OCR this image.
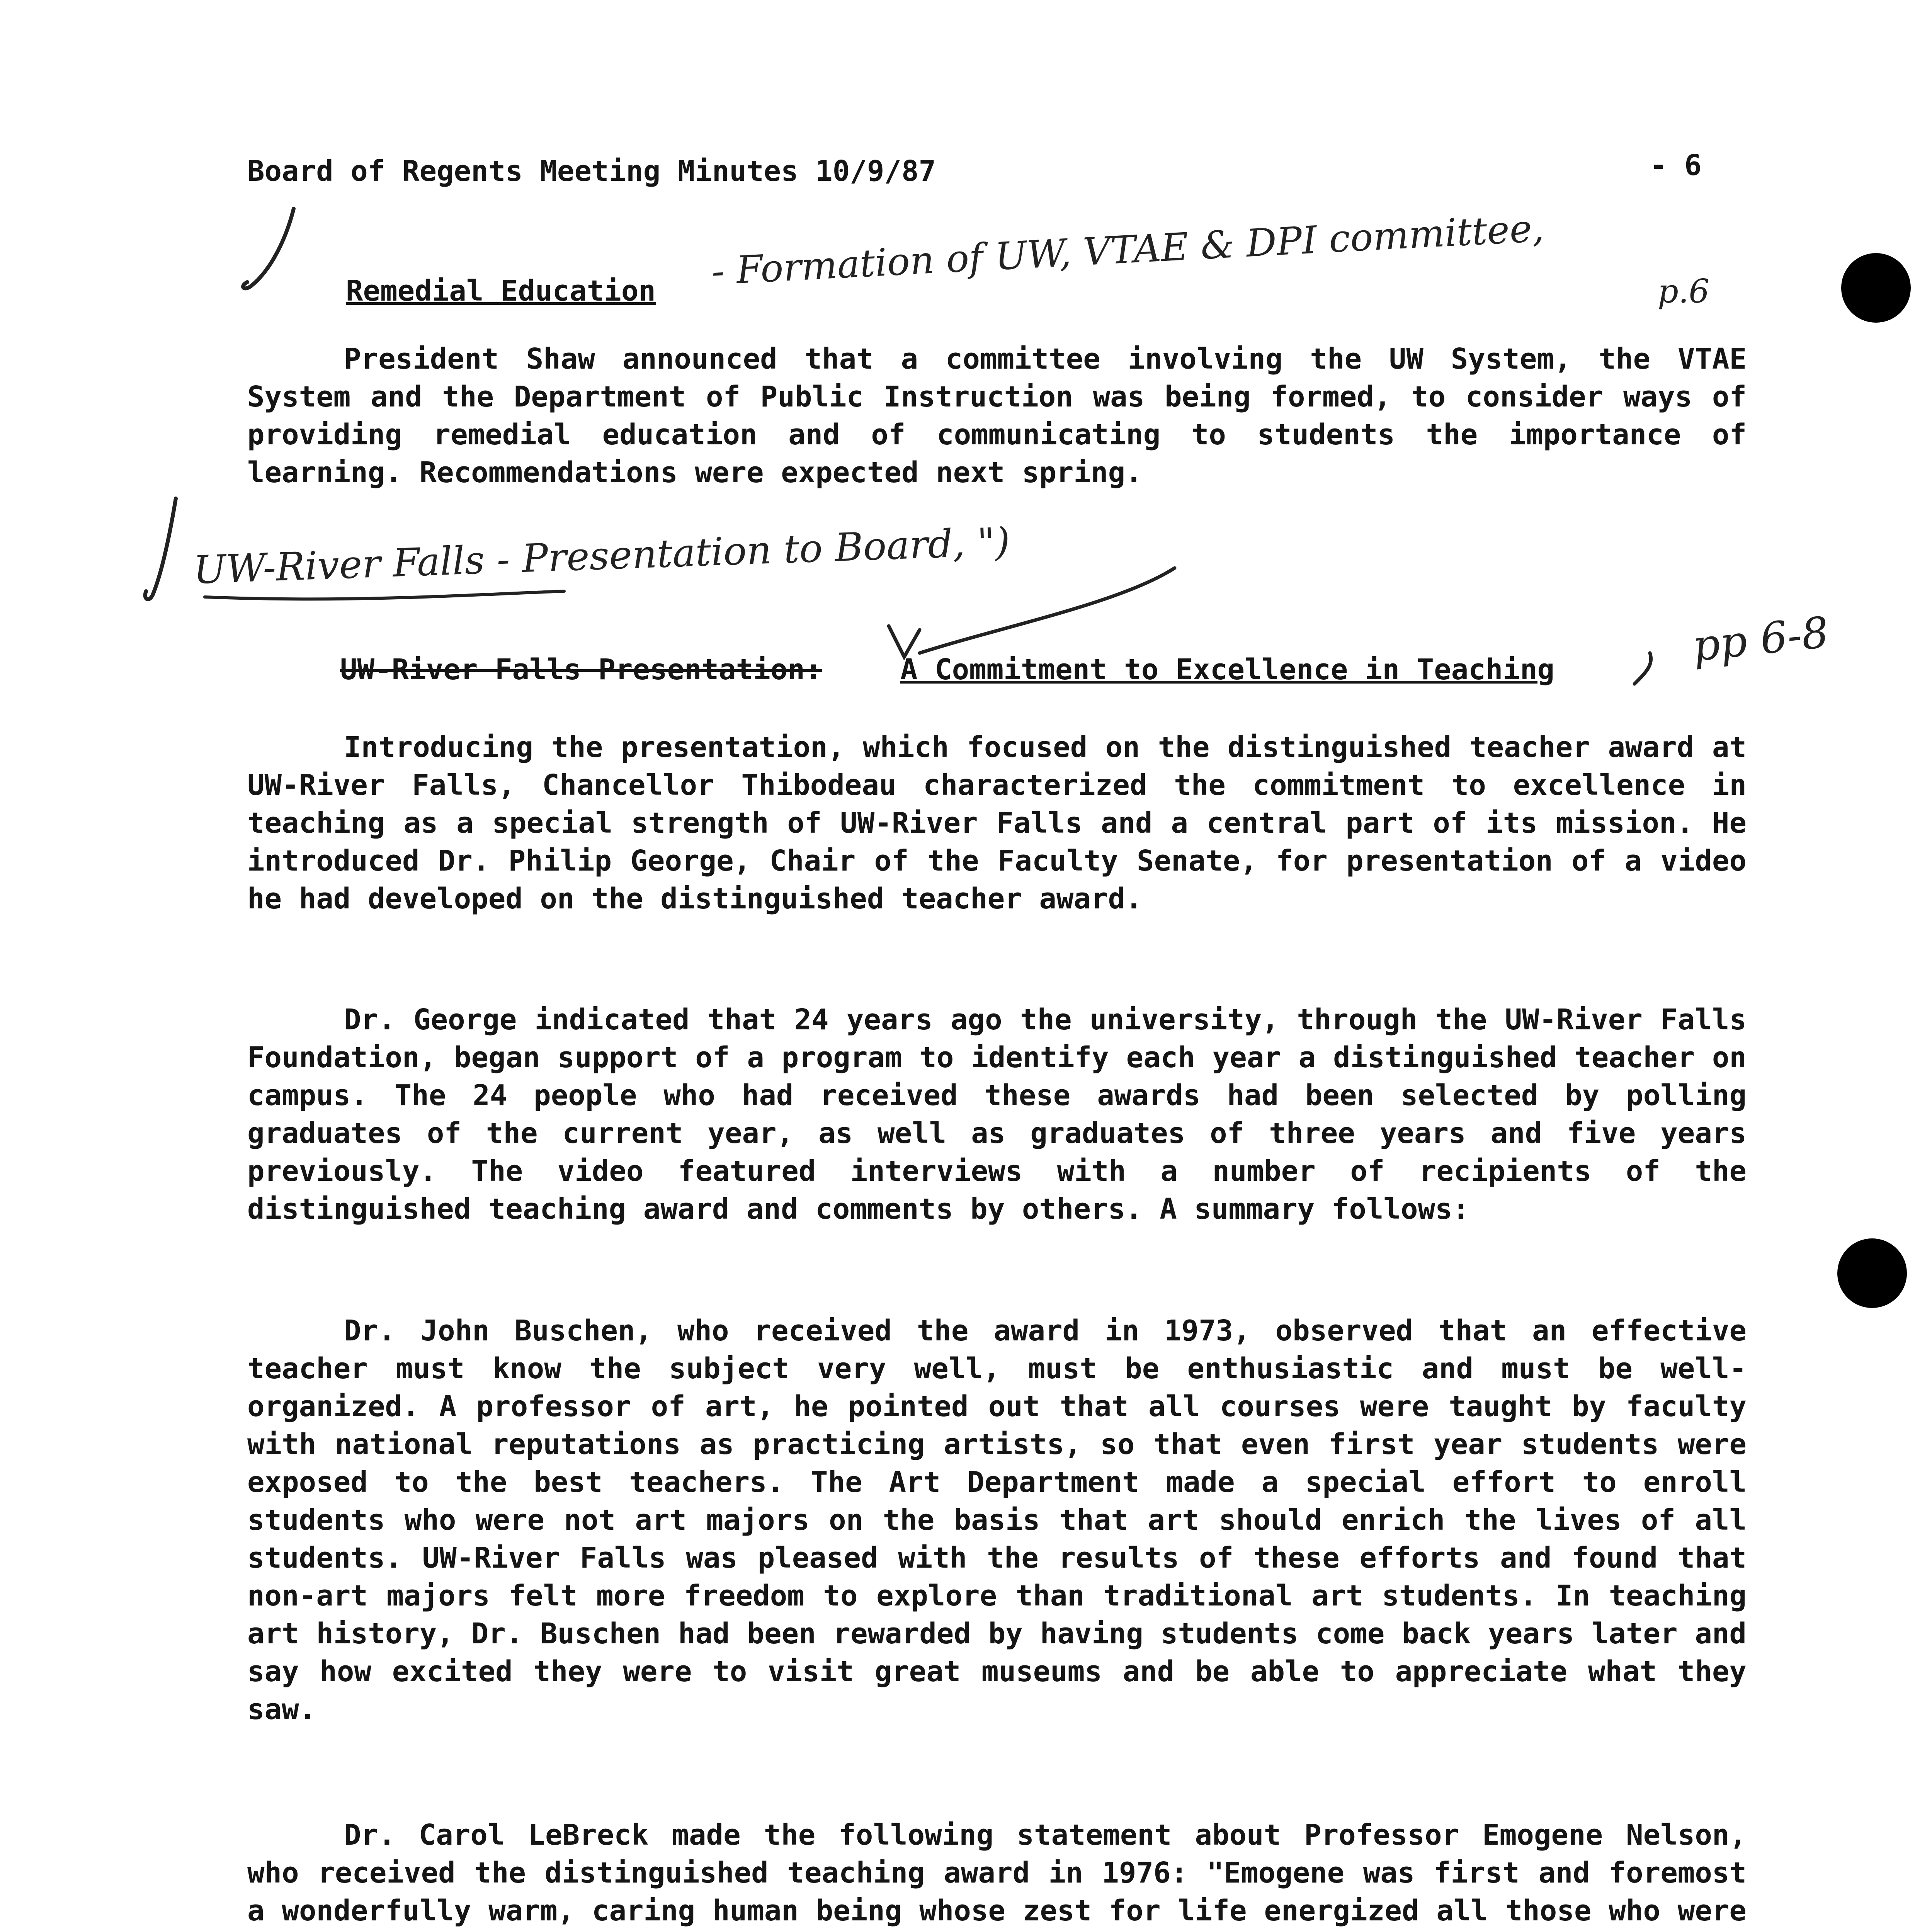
Board of Regents Meeting Minutes 10/9/87	- 6
Remedial Education - Formation of UW, VTAE & DPI committee,	p.6

President Shaw announced that a committee involving the UW System, the VTAE System and the Department of Public Instruction was being formed, to consider ways of providing remedial education and of communicating to students the importance of learning. Recommendations were expected next spring.

UW-River Falls - Presentation to Board, ")
UW-River Falls Presentation:	A Commitment to Excellence in Teaching	pp 6-8

Introducing the presentation, which focused on the distinguished teacher award at UW-River Falls, Chancellor Thibodeau characterized the commitment to excellence in teaching as a special strength of UW-River Falls and a central part of its mission. He introduced Dr. Philip George, Chair of the Faculty Senate, for presentation of a video he had developed on the distinguished teacher award.

Dr. George indicated that 24 years ago the university, through the UW-River Falls Foundation, began support of a program to identify each year a distinguished teacher on campus. The 24 people who had received these awards had been selected by polling graduates of the current year, as well as graduates of three years and five years previously. The video featured interviews with a number of recipients of the distinguished teaching award and comments by others. A summary follows:

Dr. John Buschen, who received the award in 1973, observed that an effective teacher must know the subject very well, must be enthusiastic and must be well-organized. A professor of art, he pointed out that all courses were taught by faculty with national reputations as practicing artists, so that even first year students were exposed to the best teachers. The Art Department made a special effort to enroll students who were not art majors on the basis that art should enrich the lives of all students. UW-River Falls was pleased with the results of these efforts and found that non-art majors felt more freedom to explore than traditional art students. In teaching art history, Dr. Buschen had been rewarded by having students come back years later and say how excited they were to visit great museums and be able to appreciate what they saw.

Dr. Carol LeBreck made the following statement about Professor Emogene Nelson, who received the distinguished teaching award in 1976: "Emogene was first and foremost a wonderfully warm, caring human being whose zest for life energized all those who were
